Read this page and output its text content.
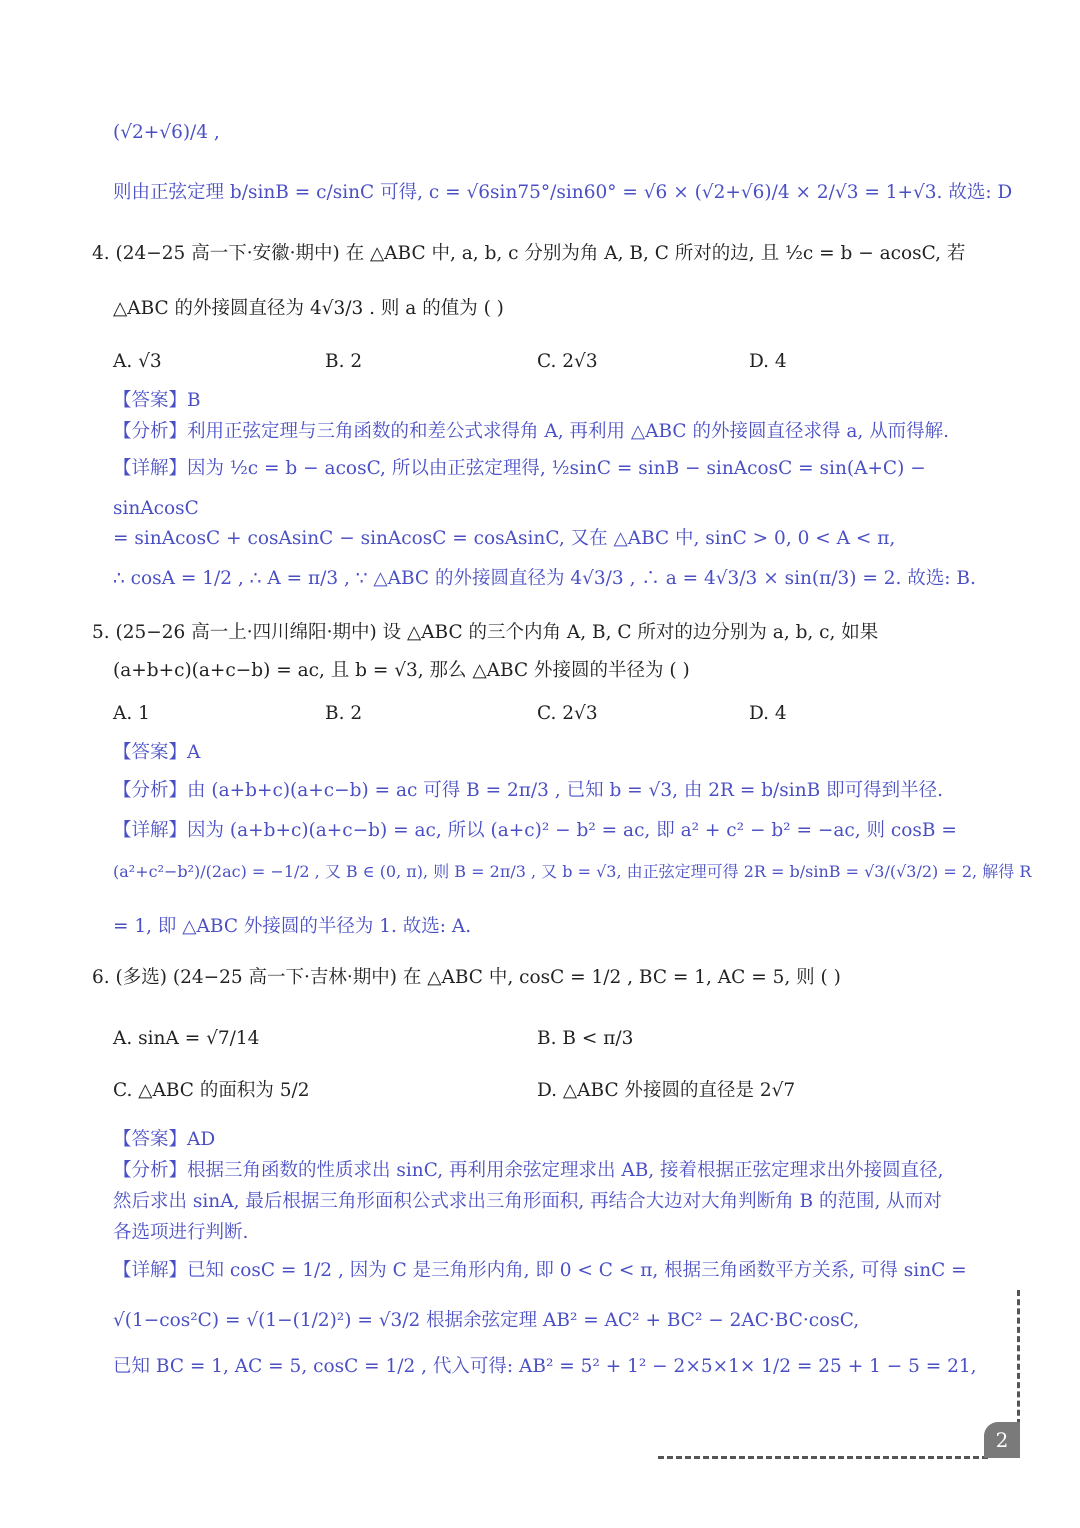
(√2+√6)/4 ,
则由正弦定理 b/sinB = c/sinC 可得, c = √6sin75°/sin60° = √6 × (√2+√6)/4 × 2/√3 = 1+√3. 故选: D
4. (24−25 高一下·安徽·期中) 在 △ABC 中, a, b, c 分别为角 A, B, C 所对的边, 且 ½c = b − acosC, 若
△ABC 的外接圆直径为 4√3/3 . 则 a 的值为 ( )
A. √3	B. 2	C. 2√3	D. 4
【答案】B
【分析】利用正弦定理与三角函数的和差公式求得角 A, 再利用 △ABC 的外接圆直径求得 a, 从而得解.
【详解】因为 ½c = b − acosC, 所以由正弦定理得, ½sinC = sinB − sinAcosC = sin(A+C) −
sinAcosC
= sinAcosC + cosAsinC − sinAcosC = cosAsinC, 又在 △ABC 中, sinC > 0, 0 < A < π,
∴ cosA = 1/2 , ∴ A = π/3 , ∵ △ABC 的外接圆直径为 4√3/3 , ∴ a = 4√3/3 × sin(π/3) = 2. 故选: B.
5. (25−26 高一上·四川绵阳·期中) 设 △ABC 的三个内角 A, B, C 所对的边分别为 a, b, c, 如果
(a+b+c)(a+c−b) = ac, 且 b = √3, 那么 △ABC 外接圆的半径为 ( )
A. 1	B. 2	C. 2√3	D. 4
【答案】A
【分析】由 (a+b+c)(a+c−b) = ac 可得 B = 2π/3 , 已知 b = √3, 由 2R = b/sinB 即可得到半径.
【详解】因为 (a+b+c)(a+c−b) = ac, 所以 (a+c)² − b² = ac, 即 a² + c² − b² = −ac, 则 cosB =
(a²+c²−b²)/(2ac) = −1/2 , 又 B ∈ (0, π), 则 B = 2π/3 , 又 b = √3, 由正弦定理可得 2R = b/sinB = √3/(√3/2) = 2, 解得 R
= 1, 即 △ABC 外接圆的半径为 1. 故选: A.
6. (多选) (24−25 高一下·吉林·期中) 在 △ABC 中, cosC = 1/2 , BC = 1, AC = 5, 则 ( )
A. sinA = √7/14	B. B < π/3
C. △ABC 的面积为 5/2	D. △ABC 外接圆的直径是 2√7
【答案】AD
【分析】根据三角函数的性质求出 sinC, 再利用余弦定理求出 AB, 接着根据正弦定理求出外接圆直径,
然后求出 sinA, 最后根据三角形面积公式求出三角形面积, 再结合大边对大角判断角 B 的范围, 从而对
各选项进行判断.
【详解】已知 cosC = 1/2 , 因为 C 是三角形内角, 即 0 < C < π, 根据三角函数平方关系, 可得 sinC =
√(1−cos²C) = √(1−(1/2)²) = √3/2 根据余弦定理 AB² = AC² + BC² − 2AC·BC·cosC,
已知 BC = 1, AC = 5, cosC = 1/2 , 代入可得: AB² = 5² + 1² − 2×5×1× 1/2 = 25 + 1 − 5 = 21,
2
